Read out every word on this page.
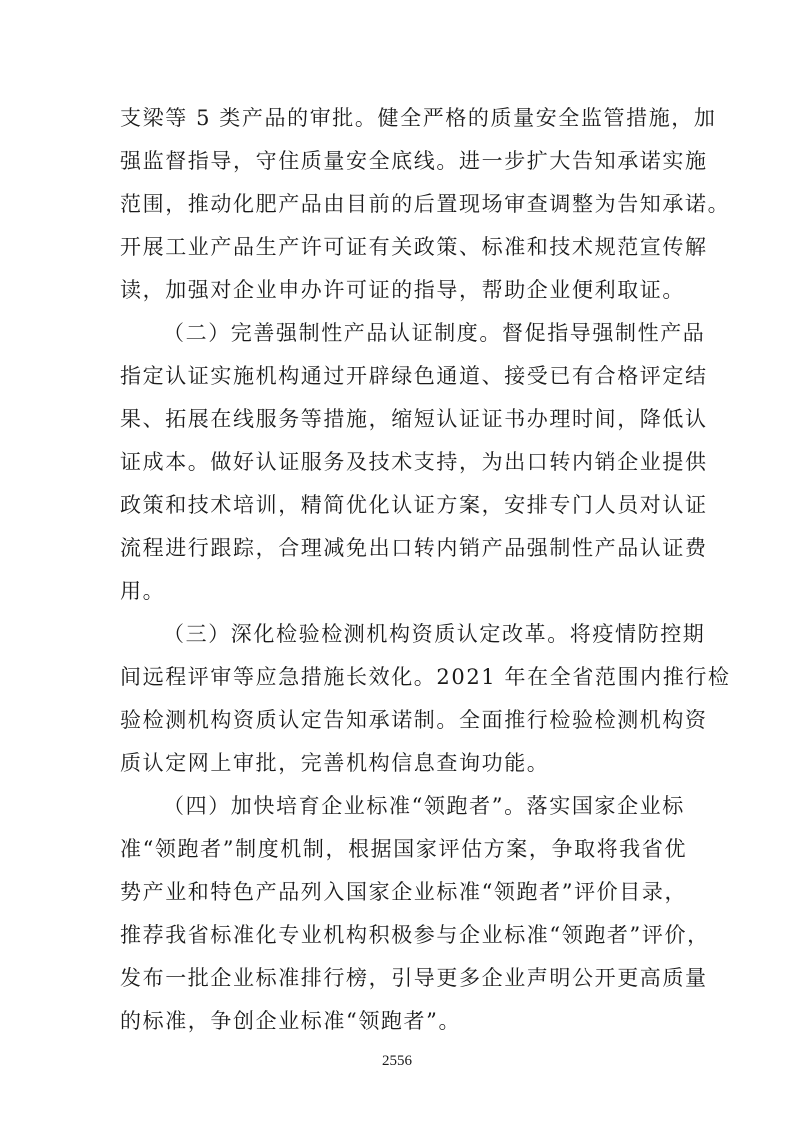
支梁等 5 类产品的审批。健全严格的质量安全监管措施，加
强监督指导，守住质量安全底线。进一步扩大告知承诺实施
范围，推动化肥产品由目前的后置现场审查调整为告知承诺。
开展工业产品生产许可证有关政策、标准和技术规范宣传解
读，加强对企业申办许可证的指导，帮助企业便利取证。
（二）完善强制性产品认证制度。督促指导强制性产品
指定认证实施机构通过开辟绿色通道、接受已有合格评定结
果、拓展在线服务等措施，缩短认证证书办理时间，降低认
证成本。做好认证服务及技术支持，为出口转内销企业提供
政策和技术培训，精简优化认证方案，安排专门人员对认证
流程进行跟踪，合理减免出口转内销产品强制性产品认证费
用。
（三）深化检验检测机构资质认定改革。将疫情防控期
间远程评审等应急措施长效化。2021 年在全省范围内推行检
验检测机构资质认定告知承诺制。全面推行检验检测机构资
质认定网上审批，完善机构信息查询功能。
（四）加快培育企业标准“领跑者”。落实国家企业标
准“领跑者”制度机制，根据国家评估方案，争取将我省优
势产业和特色产品列入国家企业标准“领跑者”评价目录，
推荐我省标准化专业机构积极参与企业标准“领跑者”评价，
发布一批企业标准排行榜，引导更多企业声明公开更高质量
的标准，争创企业标准“领跑者”。
2556
